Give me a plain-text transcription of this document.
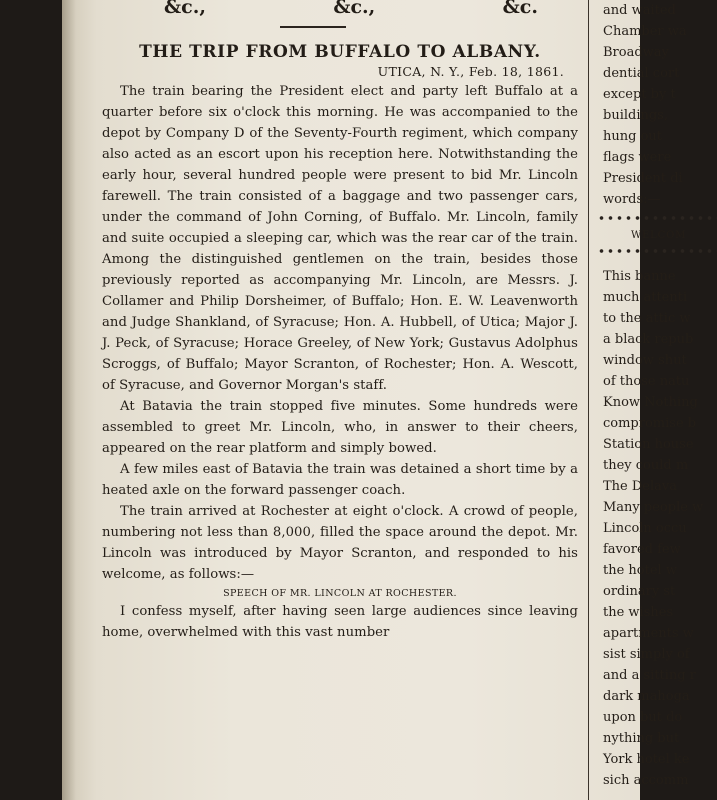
&c.,	&c.,	&c.
THE TRIP FROM BUFFALO TO ALBANY.
UTICA, N. Y., Feb. 18, 1861.

The train bearing the President elect and party left Buffalo at a quarter before six o'clock this morning. He was accompanied to the depot by Company D of the Seventy-Fourth regiment, which company also acted as an escort upon his reception here. Notwithstanding the early hour, several hundred people were present to bid Mr. Lincoln farewell. The train consisted of a baggage and two passenger cars, under the command of John Corning, of Buffalo. Mr. Lincoln, family and suite occupied a sleeping car, which was the rear car of the train. Among the distinguished gentlemen on the train, besides those previously reported as accompanying Mr. Lincoln, are Messrs. J. Collamer and Philip Dorsheimer, of Buffalo; Hon. E. W. Leavenworth and Judge Shankland, of Syracuse; Hon. A. Hubbell, of Utica; Major J. J. Peck, of Syracuse; Horace Greeley, of New York; Gustavus Adolphus Scroggs, of Buffalo; Mayor Scranton, of Rochester; Hon. A. Wescott, of Syracuse, and Governor Morgan's staff.

At Batavia the train stopped five minutes. Some hundreds were assembled to greet Mr. Lincoln, who, in answer to their cheers, appeared on the rear platform and simply bowed.

A few miles east of Batavia the train was detained a short time by a heated axle on the forward passenger coach.

The train arrived at Rochester at eight o'clock. A crowd of people, numbering not less than 8,000, filled the space around the depot. Mr. Lincoln was introduced by Mayor Scranton, and responded to his welcome, as follows:—

SPEECH OF MR. LINCOLN AT ROCHESTER.

I confess myself, after having seen large audiences since leaving home, overwhelmed with this vast number

and waited

Chamber wa

Broadway

dential cort

except by t

buildings,

hung out

flags were

President di

words:—

WELCOM

This banne

much attenti

to the attic w

a black repub

window shut

of those natu

Know Nothing

compromise b

Station house

they could m

The Delava

Many people w

Lincoln occu

favored few

the hotel w

ordinary st

the wishes

apartments w

sist simply of

and a sitting r

dark mahoga

upon but do

nything but

York hotel ke

sich accomm
